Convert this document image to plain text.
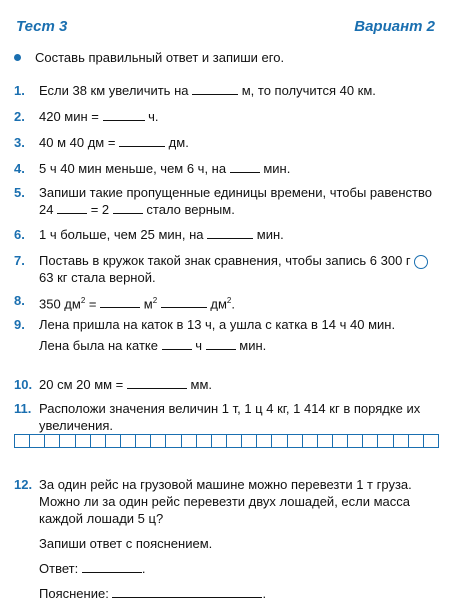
Тест 3	Вариант 2
Составь правильный ответ и запиши его.
1.	Если 38 км увеличить на	м, то получится 40 км.
2.	420 мин =	ч.
3.	40 м 40 дм =	дм.
4.	5 ч 40 мин меньше, чем 6 ч, на	мин.
5.	Запиши такие пропущенные единицы времени, чтобы равенство 24	= 2	стало верным.
6.	1 ч больше, чем 25 мин, на	мин.
7.	Поставь в кружок такой знак сравнения, чтобы запись 6 300 г  63 кг стала верной.
8.	350 $дм^2$ =	$м^2$	$дм^2$.
9.	Лена пришла на каток в 13 ч, а ушла с катка в 14 ч 40 мин.
Лена была на катке	ч	мин.
10. 20 см 20 мм =	мм.
11. Расположи значения величин 1 т, 1 ц 4 кг, 1 414 кг в порядке их увеличения.
12. За один рейс на грузовой машине можно перевезти 1 т груза. Можно ли за один рейс перевезти двух лошадей, если масса каждой лошади 5 ц?
Запиши ответ с пояснением.
Ответ:	.
Пояснение:	.
